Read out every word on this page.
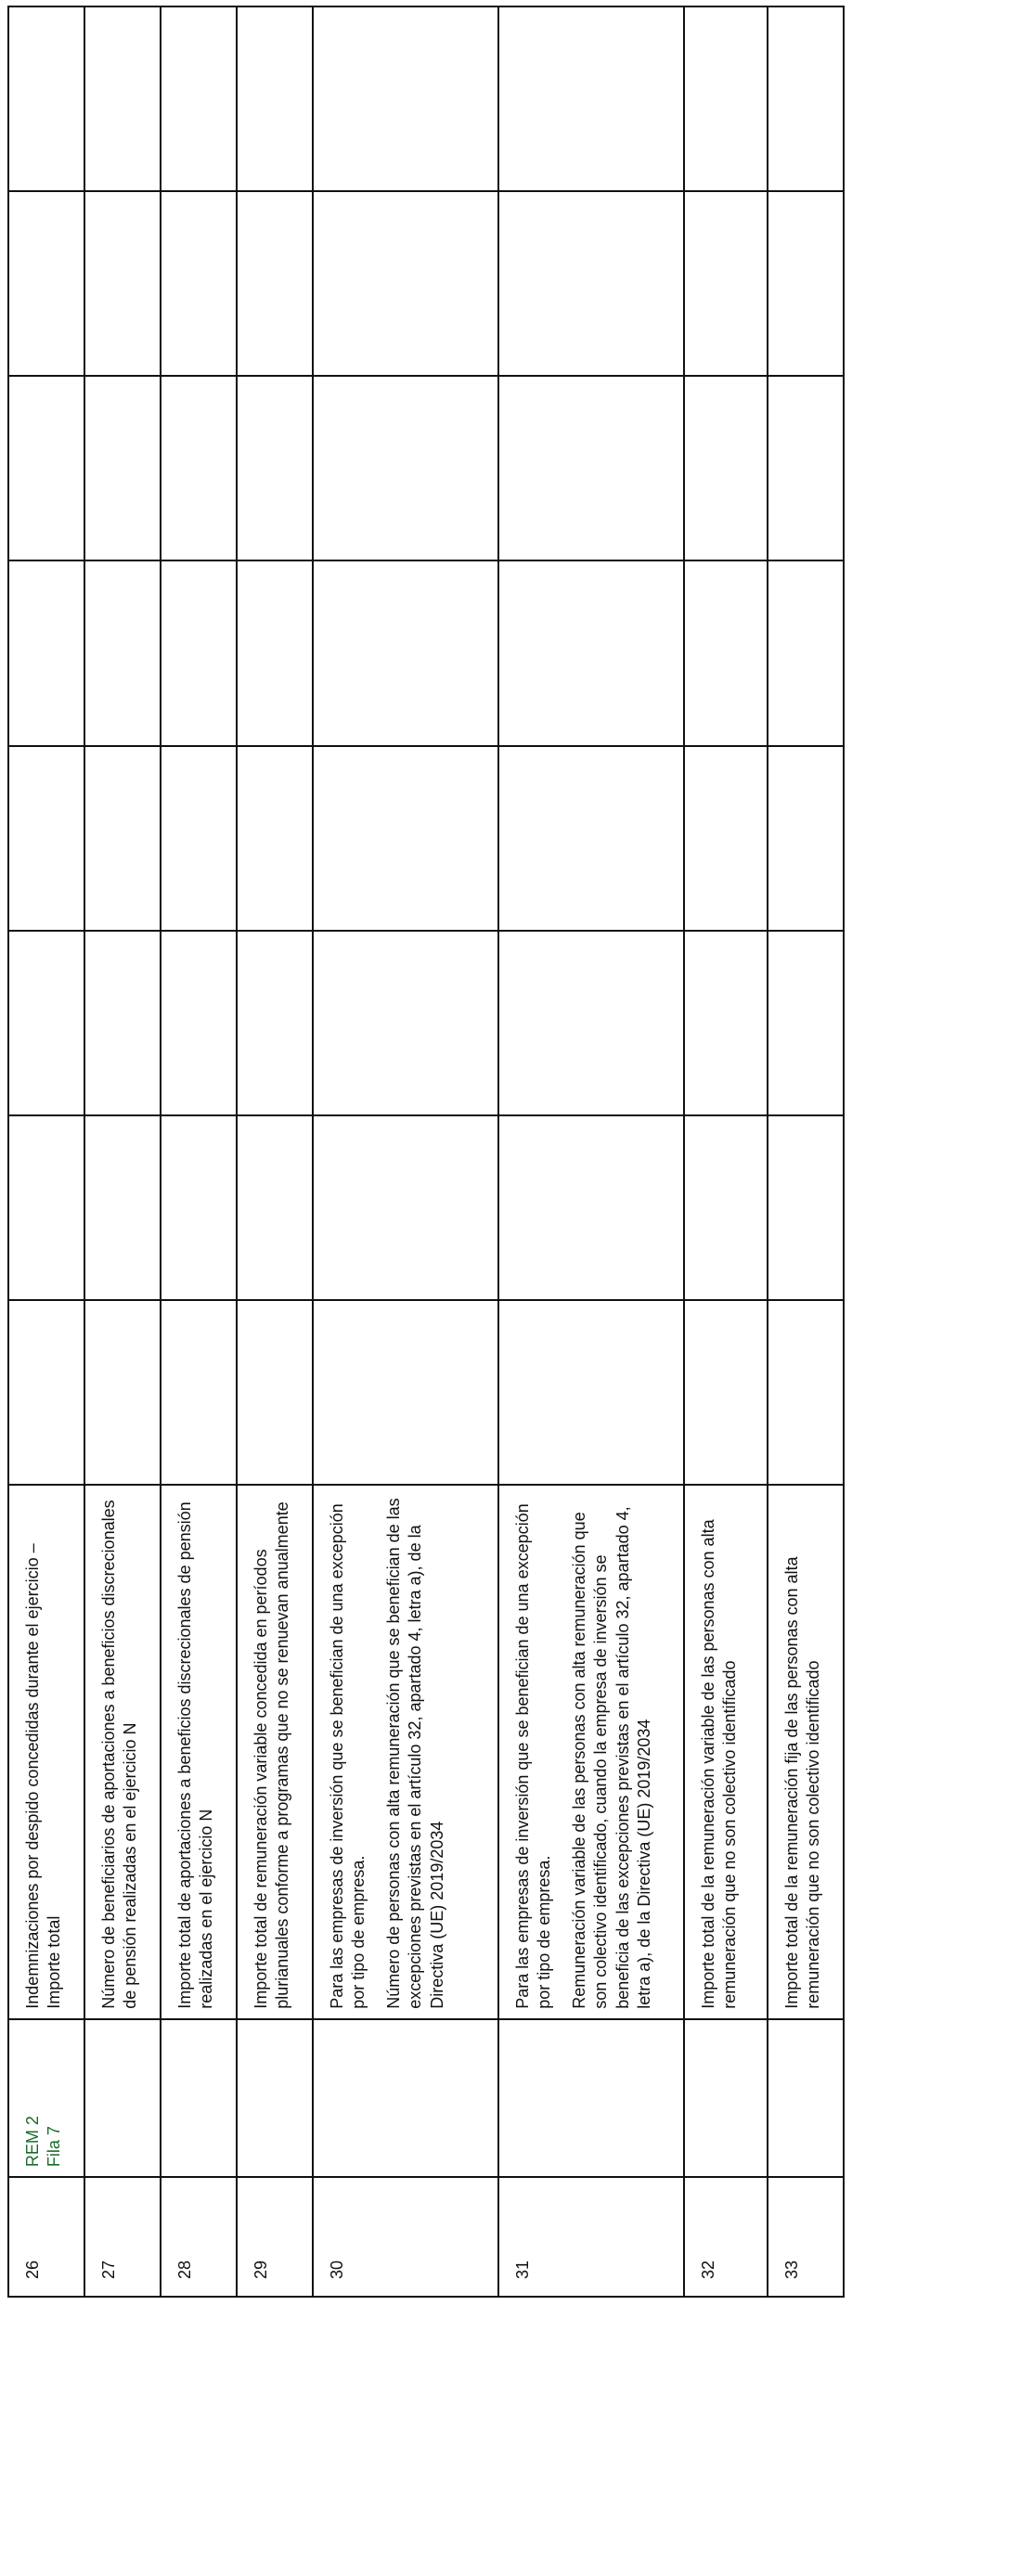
26	REM 2 Fila 7	Indemnizaciones por despido concedidas durante el ejercicio – Importe total								

27		Número de beneficiarios de aportaciones a beneficios discrecionales de pensión realizadas en el ejercicio N								

28		Importe total de aportaciones a beneficios discrecionales de pensión realizadas en el ejercicio N								

29		Importe total de remuneración variable concedida en períodos plurianuales conforme a programas que no se renuevan anualmente								

30		Para las empresas de inversión que se benefician de una excepción por tipo de empresa. Número de personas con alta remuneración que se benefician de las excepciones previstas en el artículo 32, apartado 4, letra a), de la Directiva (UE) 2019/2034								

31		Para las empresas de inversión que se benefician de una excepción por tipo de empresa. Remuneración variable de las personas con alta remuneración que son colectivo identificado, cuando la empresa de inversión se beneficia de las excepciones previstas en el artículo 32, apartado 4, letra a), de la Directiva (UE) 2019/2034								

32		Importe total de la remuneración variable de las personas con alta remuneración que no son colectivo identificado								

33		Importe total de la remuneración fija de las personas con alta remuneración que no son colectivo identificado								
